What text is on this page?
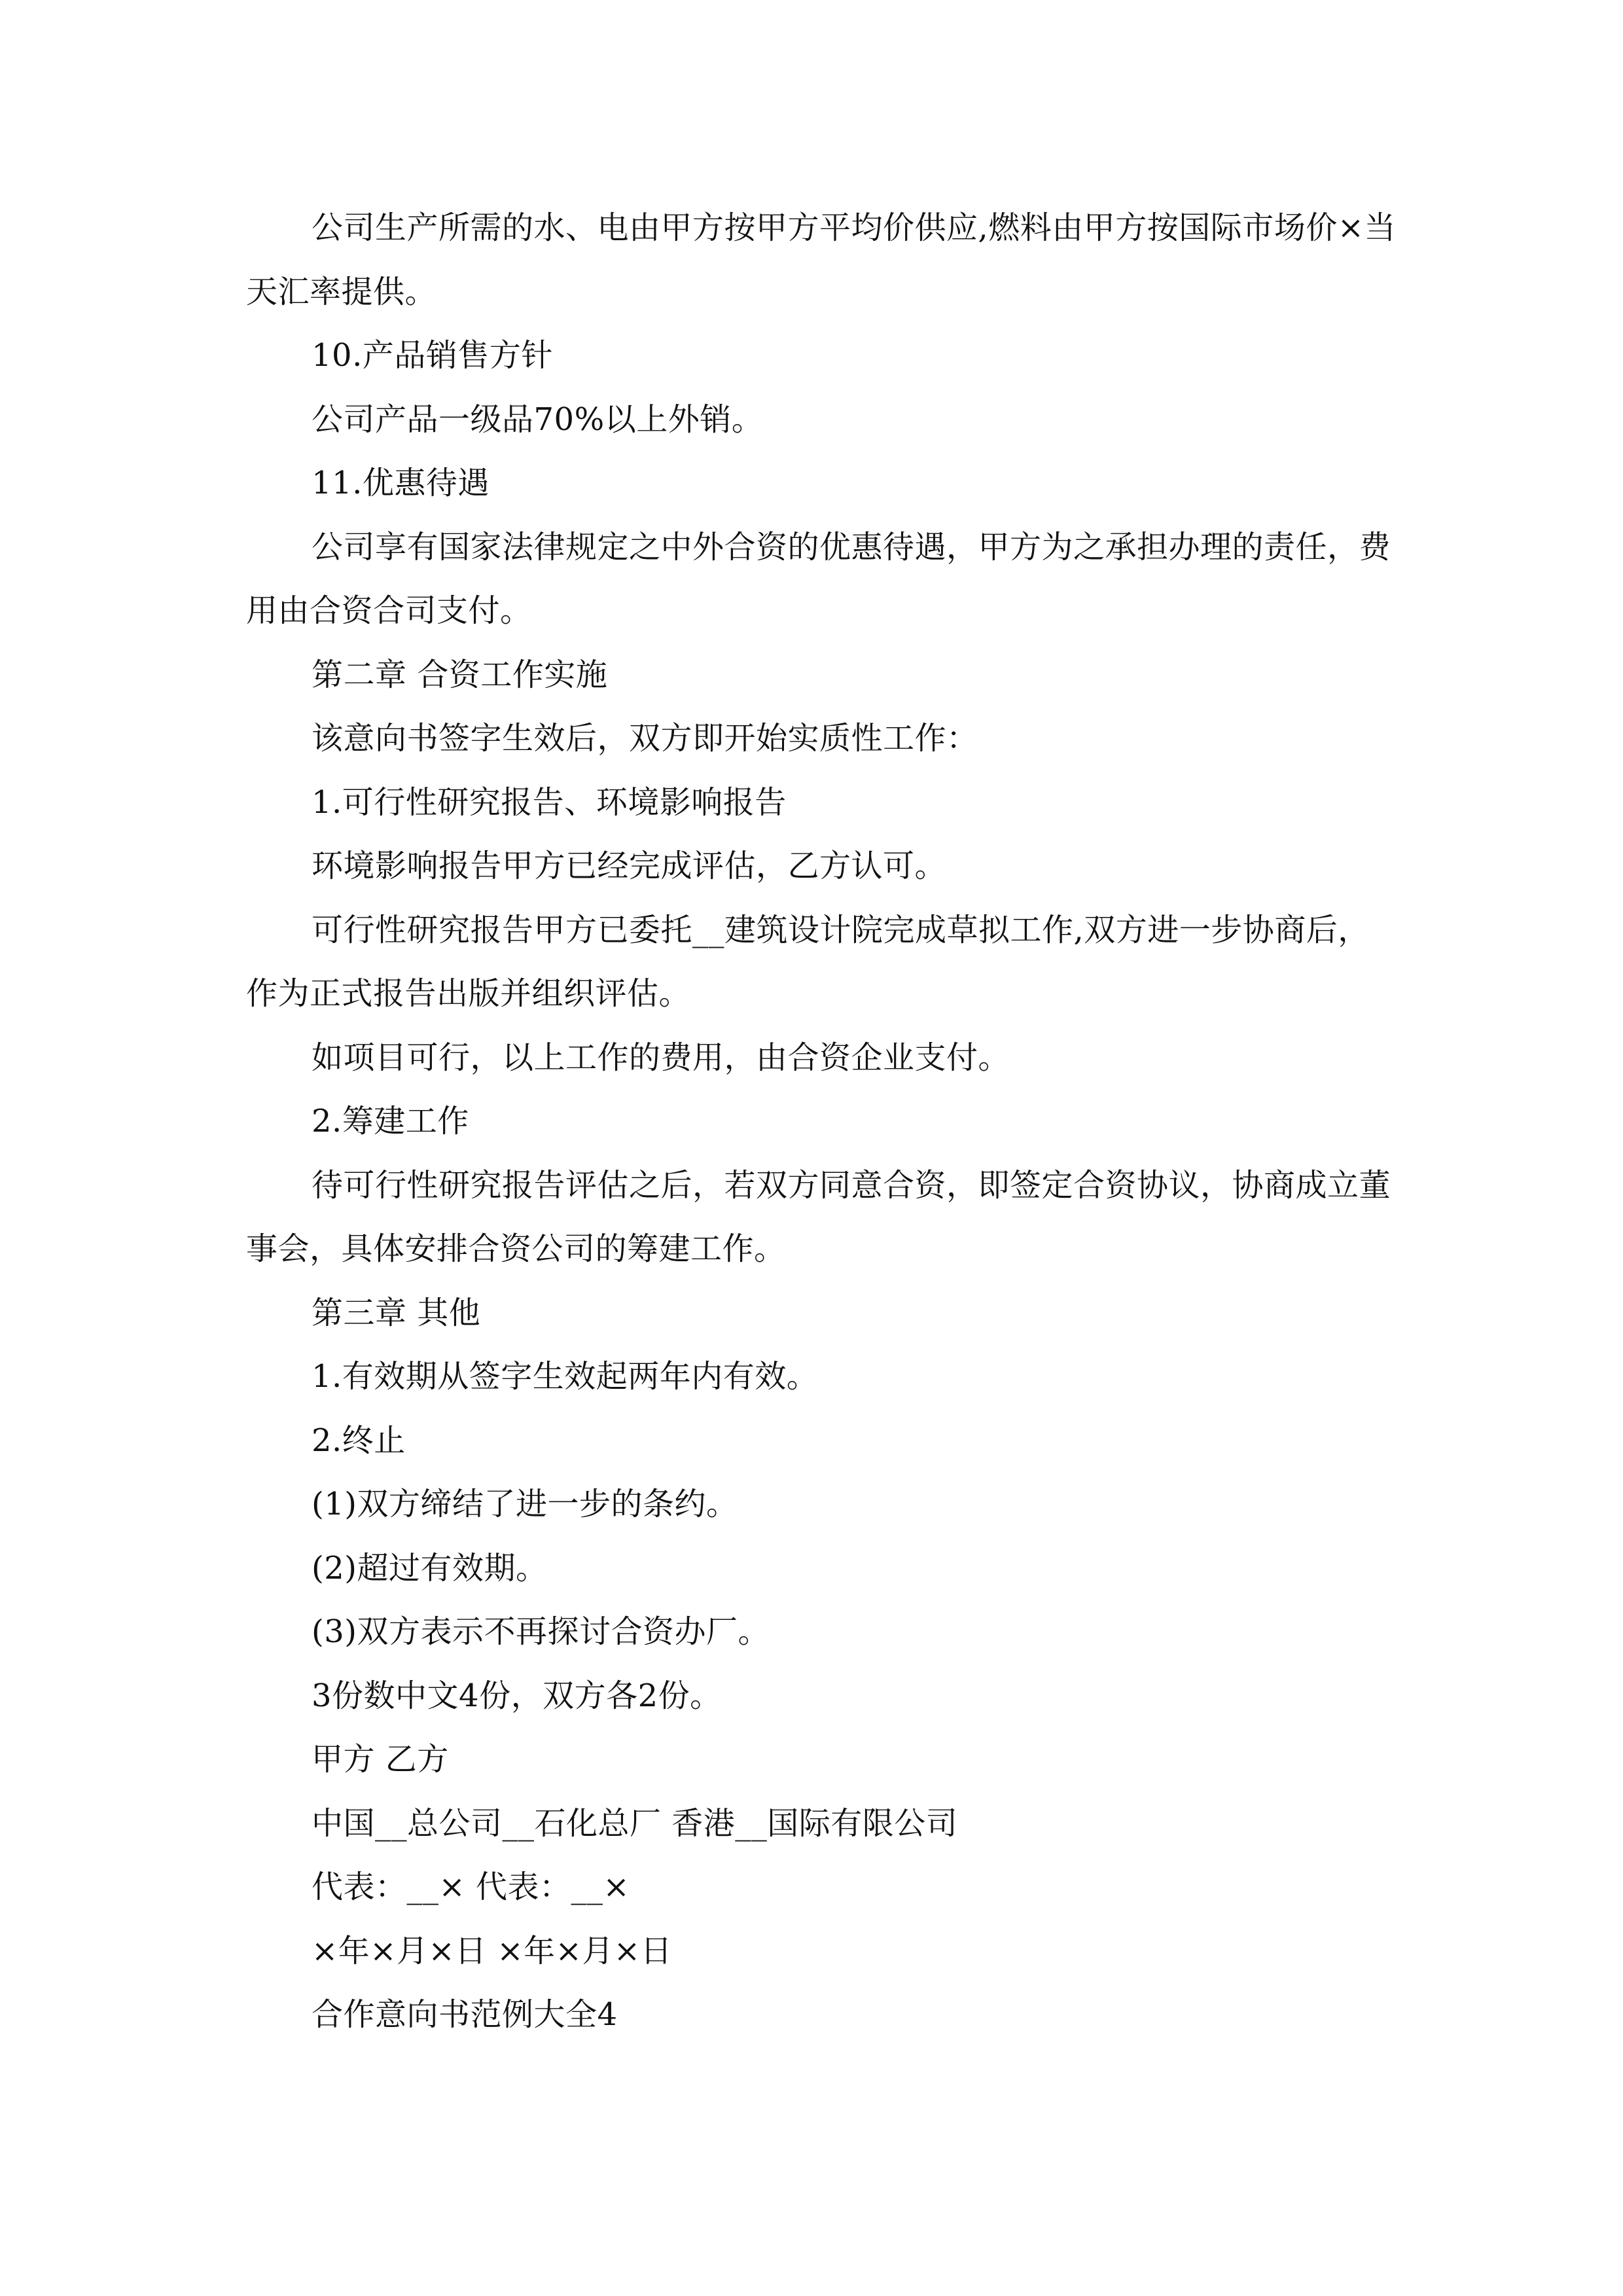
公司生产所需的水、电由甲方按甲方平均价供应,燃料由甲方按国际市场价×当天汇率提供。

10.产品销售方针

公司产品一级品70%以上外销。

11.优惠待遇

公司享有国家法律规定之中外合资的优惠待遇，甲方为之承担办理的责任，费用由合资合司支付。

第二章 合资工作实施

该意向书签字生效后，双方即开始实质性工作：

1.可行性研究报告、环境影响报告

环境影响报告甲方已经完成评估，乙方认可。

可行性研究报告甲方已委托__建筑设计院完成草拟工作,双方进一步协商后，作为正式报告出版并组织评估。

如项目可行，以上工作的费用，由合资企业支付。

2.筹建工作

待可行性研究报告评估之后，若双方同意合资，即签定合资协议，协商成立董事会，具体安排合资公司的筹建工作。

第三章 其他

1.有效期从签字生效起两年内有效。

2.终止

(1)双方缔结了进一步的条约。

(2)超过有效期。

(3)双方表示不再探讨合资办厂。

3份数中文4份，双方各2份。

甲方 乙方

中国__总公司__石化总厂 香港__国际有限公司

代表：__× 代表：__×

×年×月×日 ×年×月×日

合作意向书范例大全4
